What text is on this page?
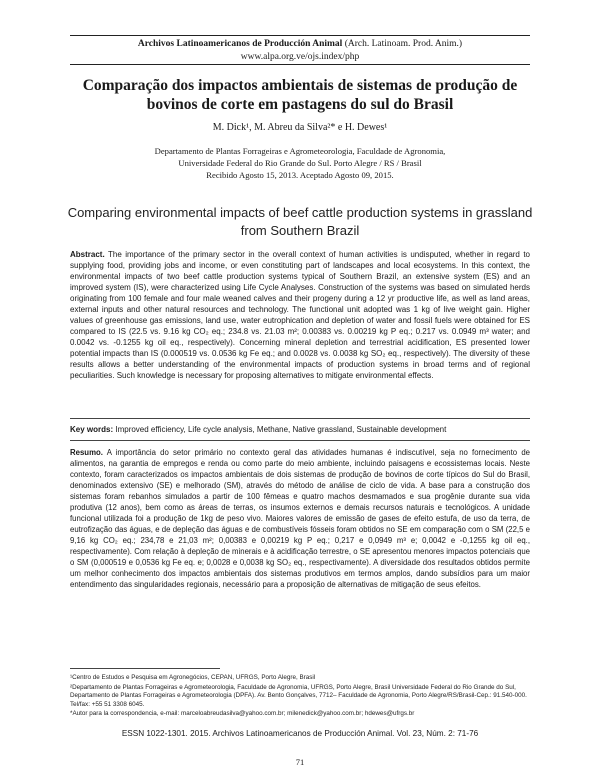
Archivos Latinoamericanos de Producción Animal (Arch. Latinoam. Prod. Anim.)
www.alpa.org.ve/ojs.index/php
Comparação dos impactos ambientais de sistemas de produção de bovinos de corte em pastagens do sul do Brasil
M. Dick¹, M. Abreu da Silva²* e H. Dewes¹
Departamento de Plantas Forrageiras e Agrometeorologia, Faculdade de Agronomia,
Universidade Federal do Rio Grande do Sul. Porto Alegre / RS / Brasil
Recibido Agosto 15, 2013. Aceptado Agosto 09, 2015.
Comparing environmental impacts of beef cattle production systems in grassland from Southern Brazil
Abstract. The importance of the primary sector in the overall context of human activities is undisputed, whether in regard to supplying food, providing jobs and income, or even constituting part of landscapes and local ecosystems. In this context, the environmental impacts of two beef cattle production systems typical of Southern Brazil, an extensive system (ES) and an improved system (IS), were characterized using Life Cycle Analyses. Construction of the systems was based on simulated herds originating from 100 female and four male weaned calves and their progeny during a 12 yr productive life, as well as land areas, external inputs and other natural resources and technology. The functional unit adopted was 1 kg of live weight gain. Higher values of greenhouse gas emissions, land use, water eutrophication and depletion of water and fossil fuels were obtained for ES compared to IS (22.5 vs. 9.16 kg CO₂ eq.; 234.8 vs. 21.03 m²; 0.00383 vs. 0.00219 kg P eq.; 0.217 vs. 0.0949 m³ water; and 0.0042 vs. -0.1255 kg oil eq., respectively). Concerning mineral depletion and terrestrial acidification, ES presented lower potential impacts than IS (0.000519 vs. 0.0536 kg Fe eq.; and 0.0028 vs. 0.0038 kg SO₂ eq., respectively). The diversity of these results allows a better understanding of the environmental impacts of production systems in broad terms and of regional peculiarities. Such knowledge is necessary for proposing alternatives to mitigate environmental effects.
Key words: Improved efficiency, Life cycle analysis, Methane, Native grassland, Sustainable development
Resumo. A importância do setor primário no contexto geral das atividades humanas é indiscutível, seja no fornecimento de alimentos, na garantia de empregos e renda ou como parte do meio ambiente, incluindo paisagens e ecossistemas locais. Neste contexto, foram caracterizados os impactos ambientais de dois sistemas de produção de bovinos de corte típicos do Sul do Brasil, denominados extensivo (SE) e melhorado (SM), através do método de análise de ciclo de vida. A base para a construção dos sistemas foram rebanhos simulados a partir de 100 fêmeas e quatro machos desmamados e sua progênie durante sua vida produtiva (12 anos), bem como as áreas de terras, os insumos externos e demais recursos naturais e tecnológicos. A unidade funcional utilizada foi a produção de 1kg de peso vivo. Maiores valores de emissão de gases de efeito estufa, de uso da terra, de eutrofização das águas, e de depleção das águas e de combustíveis fósseis foram obtidos no SE em comparação com o SM (22,5 e 9,16 kg CO₂ eq.; 234,78 e 21,03 m²; 0,00383 e 0,00219 kg P eq.; 0,217 e 0,0949 m³ e; 0,0042 e -0,1255 kg oil eq., respectivamente). Com relação à depleção de minerais e à acidificação terrestre, o SE apresentou menores impactos potenciais que o SM (0,000519 e 0,0536 kg Fe eq. e; 0,0028 e 0,0038 kg SO₂ eq., respectivamente). A diversidade dos resultados obtidos permite um melhor conhecimento dos impactos ambientais dos sistemas produtivos em termos amplos, dando subsídios para um maior entendimento das singularidades regionais, necessário para a proposição de alternativas de mitigação de seus efeitos.

¹Centro de Estudos e Pesquisa em Agronegócios, CEPAN, UFRGS, Porto Alegre, Brasil

²Departamento de Plantas Forrageiras e Agrometeorologia, Faculdade de Agronomia, UFRGS, Porto Alegre, Brasil Universidade Federal do Rio Grande do Sul, Departamento de Plantas Forrageiras e Agrometeorologia (DPFA). Av. Bento Gonçalves, 7712– Faculdade de Agronomia, Porto Alegre/RS/Brasil-Cep.: 91.540-000. Tel/fax: +55 51 3308 6045.

*Autor para la correspondencia, e-mail: marceloabreudasilva@yahoo.com.br; milenedick@yahoo.com.br; hdewes@ufrgs.br

ESSN 1022-1301. 2015. Archivos Latinoamericanos de Producción Animal. Vol. 23, Núm. 2: 71-76
71
